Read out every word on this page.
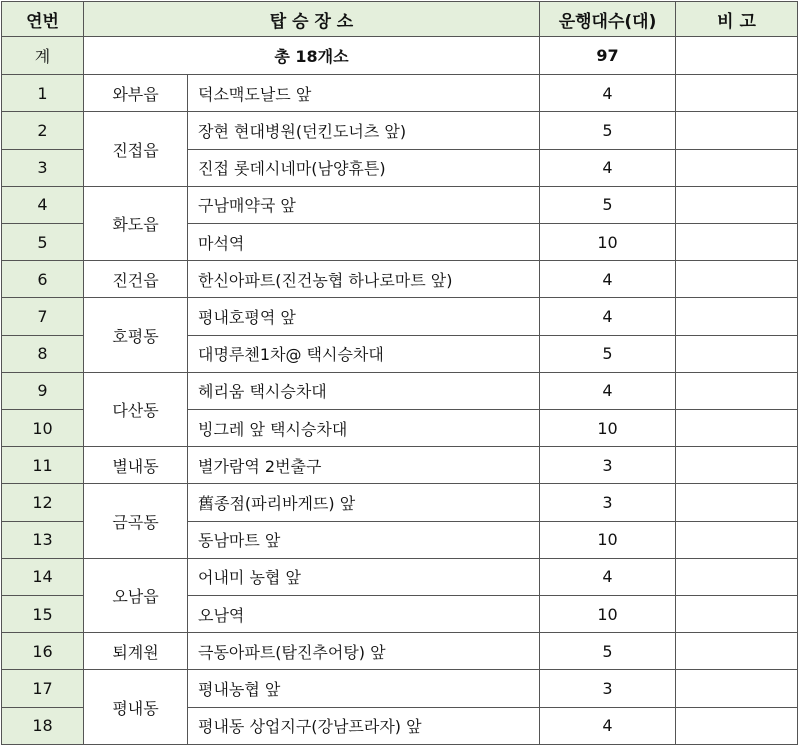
연번	탑 승 장 소		운행대수(대)	비 고
계	총 18개소		97	
1	와부읍	덕소맥도날드 앞	4	
2	진접읍	장현 현대병원(던킨도너츠 앞)	5	
3		진접 롯데시네마(남양휴튼)	4	
4	화도읍	구남매약국 앞	5	
5		마석역	10	
6	진건읍	한신아파트(진건농협 하나로마트 앞)	4	
7	호평동	평내호평역 앞	4	
8		대명루첸1차@ 택시승차대	5	
9	다산동	헤리움 택시승차대	4	
10		빙그레 앞 택시승차대	10	
11	별내동	별가람역 2번출구	3	
12	금곡동	舊종점(파리바게뜨) 앞	3	
13		동남마트 앞	10	
14	오남읍	어내미 농협 앞	4	
15		오남역	10	
16	퇴계원	극동아파트(탐진추어탕) 앞	5	
17	평내동	평내농협 앞	3	
18		평내동 상업지구(강남프라자) 앞	4	
